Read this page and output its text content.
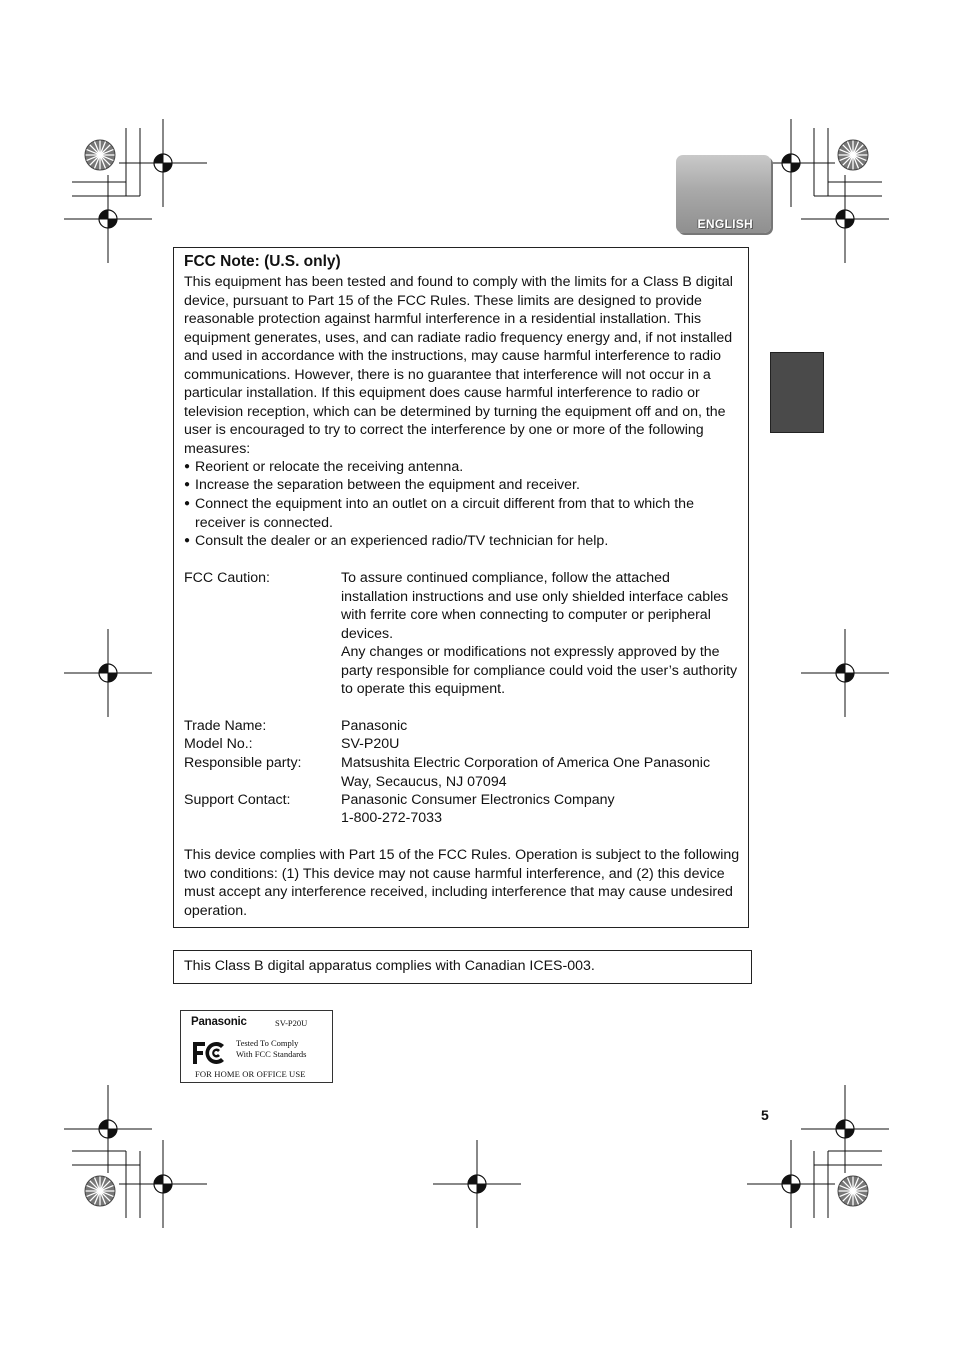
ENGLISH
FCC Note: (U.S. only)

This equipment has been tested and found to comply with the limits for a Class B digital device, pursuant to Part 15 of the FCC Rules. These limits are designed to provide reasonable protection against harmful interference in a residential installation. This equipment generates, uses, and can radiate radio frequency energy and, if not installed and used in accordance with the instructions, may cause harmful interference to radio communications. However, there is no guarantee that interference will not occur in a particular installation. If this equipment does cause harmful interference to radio or television reception, which can be determined by turning the equipment off and on, the user is encouraged to try to correct the interference by one or more of the following measures:

● Reorient or relocate the receiving antenna.
● Increase the separation between the equipment and receiver.
● Connect the equipment into an outlet on a circuit different from that to which the receiver is connected.
● Consult the dealer or an experienced radio/TV technician for help.
FCC Caution:	To assure continued compliance, follow the attached installation instructions and use only shielded interface cables with ferrite core when connecting to computer or peripheral devices.
Any changes or modifications not expressly approved by the party responsible for compliance could void the user’s authority to operate this equipment.
Trade Name:	Panasonic
Model No.:	SV-P20U
Responsible party:	Matsushita Electric Corporation of America One Panasonic Way, Secaucus, NJ 07094
Support Contact:	Panasonic Consumer Electronics Company
1-800-272-7033

This device complies with Part 15 of the FCC Rules. Operation is subject to the following two conditions: (1) This device may not cause harmful interference, and (2) this device must accept any interference received, including interference that may cause undesired operation.

This Class B digital apparatus complies with Canadian ICES-003.
Panasonic	SV-P20U
Tested To Comply
With FCC Standards
FOR HOME OR OFFICE USE
5
